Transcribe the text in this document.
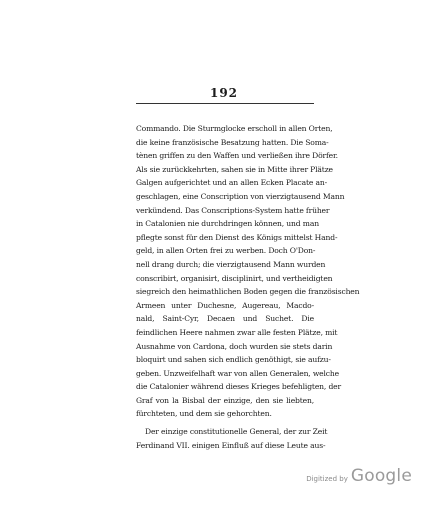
192
Commando. Die Sturmglocke erscholl in allen Orten,
die keine französische Besatzung hatten. Die Soma-
tènen griffen zu den Waffen und verließen ihre Dörfer.
Als sie zurückkehrten, sahen sie in Mitte ihrer Plätze
Galgen aufgerichtet und an allen Ecken Placate an-
geschlagen, eine Conscription von vierzigtausend Mann
verkündend. Das Conscriptions-System hatte früher
in Catalonien nie durchdringen können, und man
pflegte sonst für den Dienst des Königs mittelst Hand-
geld, in allen Orten frei zu werben. Doch O'Don-
nell drang durch; die vierzigtausend Mann wurden
conscribirt, organisirt, disciplinirt, und vertheidigten
siegreich den heimathlichen Boden gegen die französischen
Armeen unter Duchesne, Augereau, Macdo-
nald, Saint-Cyr, Decaen und Suchet. Die
feindlichen Heere nahmen zwar alle festen Plätze, mit
Ausnahme von Cardona, doch wurden sie stets darin
bloquirt und sahen sich endlich genöthigt, sie aufzu-
geben. Unzweifelhaft war von allen Generalen, welche
die Catalonier während dieses Krieges befehligten, der
Graf von la Bisbal der einzige, den sie liebten,
fürchteten, und dem sie gehorchten.
Der einzige constitutionelle General, der zur Zeit
Ferdinand VII. einigen Einfluß auf diese Leute aus-
Digitized by Google
